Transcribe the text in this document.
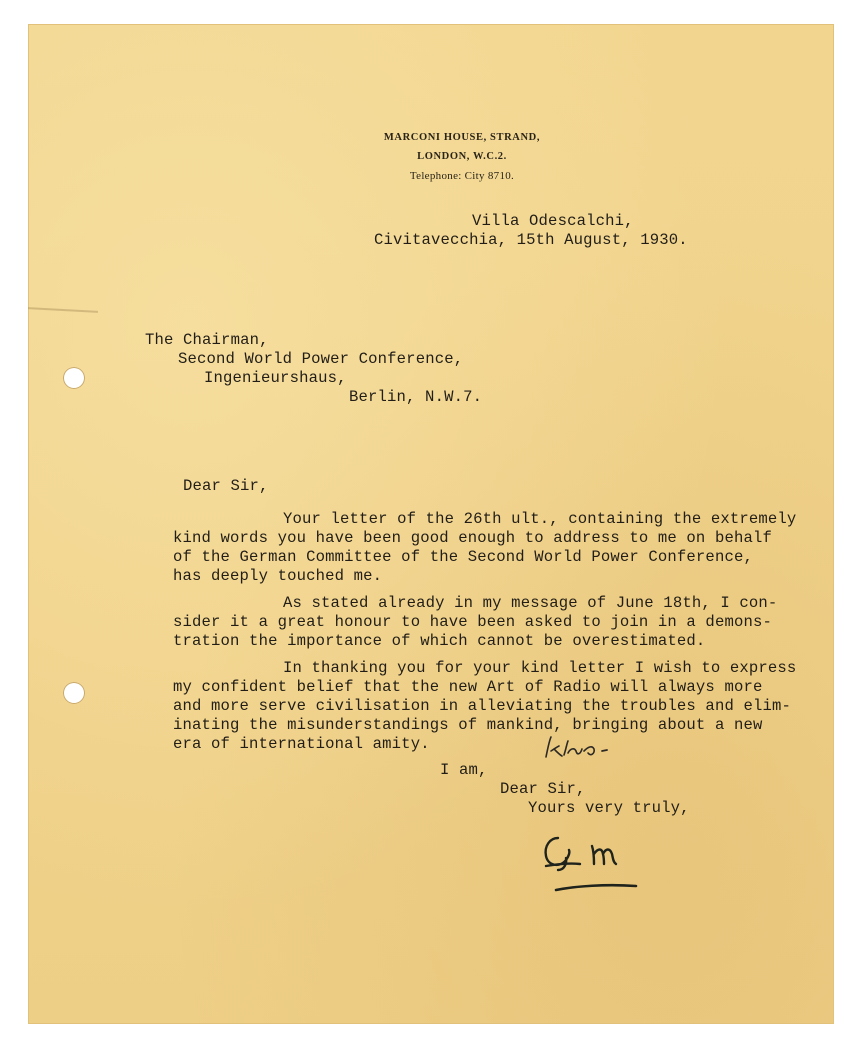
MARCONI HOUSE, STRAND,
LONDON, W.C.2.
Telephone: City 8710.
Villa Odescalchi,
Civitavecchia, 15th August, 1930.
The Chairman,
Second World Power Conference,
Ingenieurshaus,
Berlin, N.W.7.
Dear Sir,
Your letter of the 26th ult., containing the extremely
kind words you have been good enough to address to me on behalf
of the German Committee of the Second World Power Conference,
has deeply touched me.
As stated already in my message of June 18th, I con-
sider it a great honour to have been asked to join in a demons-
tration the importance of which cannot be overestimated.
In thanking you for your kind letter I wish to express
my confident belief that the new Art of Radio will always more
and more serve civilisation in alleviating the troubles and elim-
inating the misunderstandings of mankind, bringing about a new
era of international amity.
I am,
Dear Sir,
Yours very truly,
